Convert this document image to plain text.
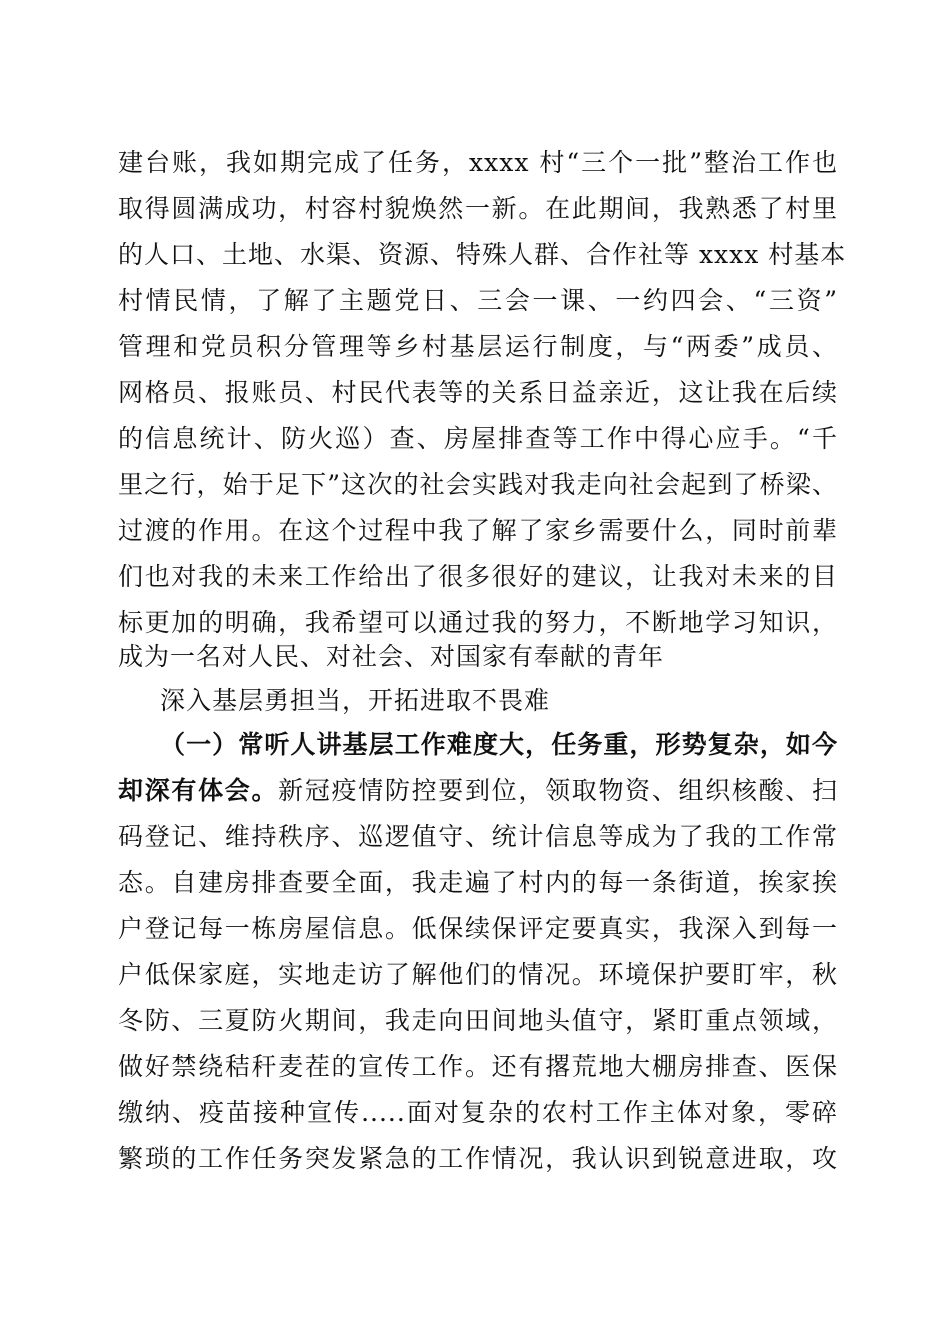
建台账，我如期完成了任务，xxxx 村“三个一批”整治工作也
取得圆满成功，村容村貌焕然一新。在此期间，我熟悉了村里
的人口、土地、水渠、资源、特殊人群、合作社等 xxxx 村基本
村情民情，了解了主题党日、三会一课、一约四会、“三资”
管理和党员积分管理等乡村基层运行制度，与“两委”成员、
网格员、报账员、村民代表等的关系日益亲近，这让我在后续
的信息统计、防火巡）查、房屋排查等工作中得心应手。“千
里之行，始于足下”这次的社会实践对我走向社会起到了桥梁、
过渡的作用。在这个过程中我了解了家乡需要什么，同时前辈
们也对我的未来工作给出了很多很好的建议，让我对未来的目
标更加的明确，我希望可以通过我的努力，不断地学习知识，
成为一名对人民、对社会、对国家有奉献的青年
深入基层勇担当，开拓进取不畏难
（一）常听人讲基层工作难度大，任务重，形势复杂，如今
却深有体会。新冠疫情防控要到位，领取物资、组织核酸、扫
码登记、维持秩序、巡逻值守、统计信息等成为了我的工作常
态。自建房排查要全面，我走遍了村内的每一条街道，挨家挨
户登记每一栋房屋信息。低保续保评定要真实，我深入到每一
户低保家庭，实地走访了解他们的情况。环境保护要盯牢，秋
冬防、三夏防火期间，我走向田间地头值守，紧盯重点领域，
做好禁绕秸秆麦茬的宣传工作。还有撂荒地大棚房排查、医保
缴纳、疫苗接种宣传.....面对复杂的农村工作主体对象，零碎
繁琐的工作任务突发紧急的工作情况，我认识到锐意进取，攻
